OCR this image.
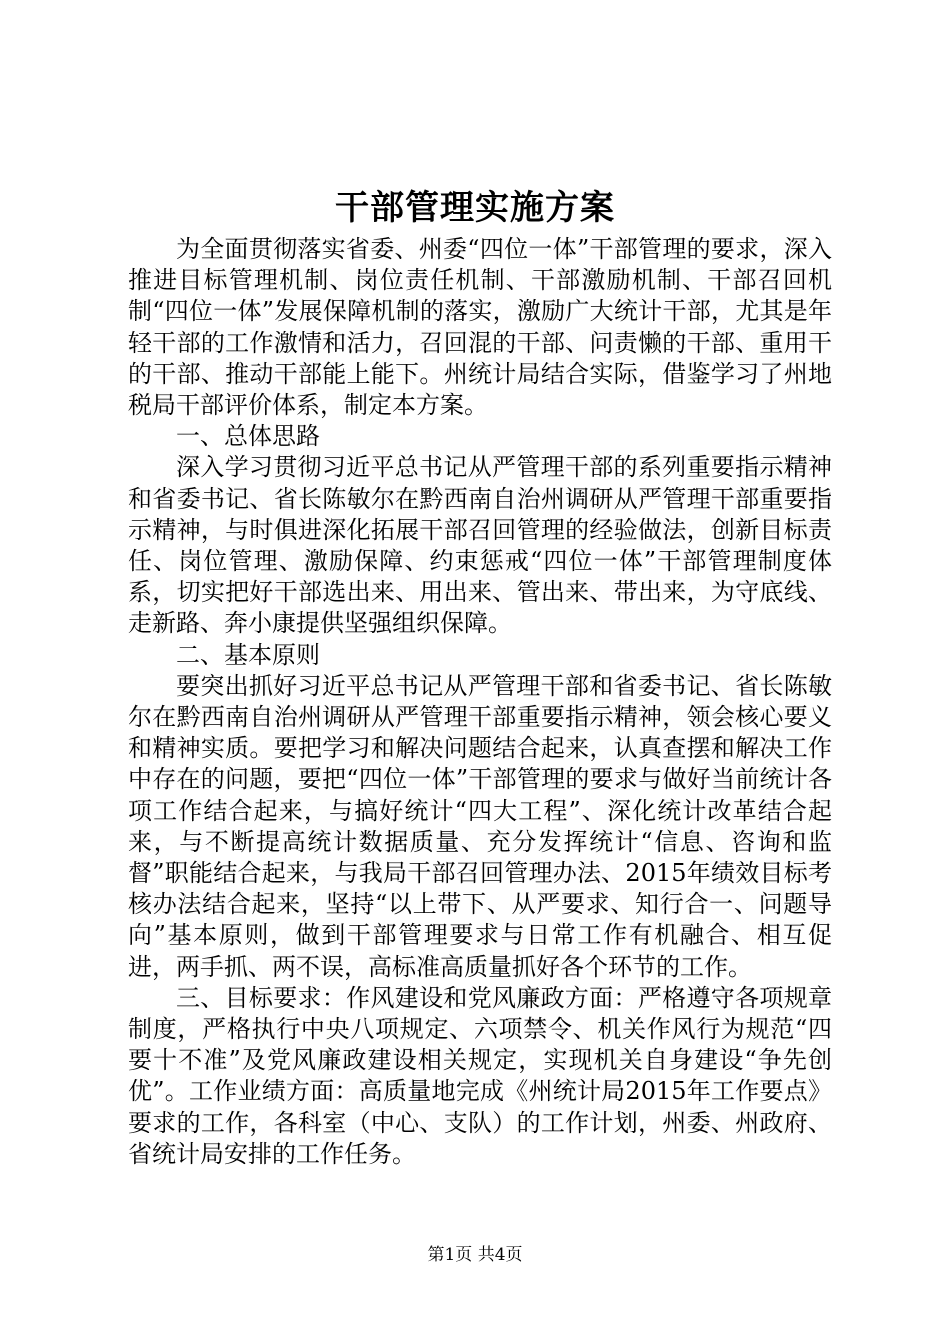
干部管理实施方案

为全面贯彻落实省委、州委“四位一体”干部管理的要求，深入推进目标管理机制、岗位责任机制、干部激励机制、干部召回机制“四位一体”发展保障机制的落实，激励广大统计干部，尤其是年轻干部的工作激情和活力，召回混的干部、问责懒的干部、重用干的干部、推动干部能上能下。州统计局结合实际，借鉴学习了州地税局干部评价体系，制定本方案。

一、总体思路

深入学习贯彻习近平总书记从严管理干部的系列重要指示精神和省委书记、省长陈敏尔在黔西南自治州调研从严管理干部重要指示精神，与时俱进深化拓展干部召回管理的经验做法，创新目标责任、岗位管理、激励保障、约束惩戒“四位一体”干部管理制度体系，切实把好干部选出来、用出来、管出来、带出来，为守底线、走新路、奔小康提供坚强组织保障。

二、基本原则

要突出抓好习近平总书记从严管理干部和省委书记、省长陈敏尔在黔西南自治州调研从严管理干部重要指示精神，领会核心要义和精神实质。要把学习和解决问题结合起来，认真查摆和解决工作中存在的问题，要把“四位一体”干部管理的要求与做好当前统计各项工作结合起来，与搞好统计“四大工程”、深化统计改革结合起来，与不断提高统计数据质量、充分发挥统计“信息、咨询和监督”职能结合起来，与我局干部召回管理办法、2015年绩效目标考核办法结合起来，坚持“以上带下、从严要求、知行合一、问题导向”基本原则，做到干部管理要求与日常工作有机融合、相互促进，两手抓、两不误，高标准高质量抓好各个环节的工作。

三、目标要求：作风建设和党风廉政方面：严格遵守各项规章制度，严格执行中央八项规定、六项禁令、机关作风行为规范“四要十不准”及党风廉政建设相关规定，实现机关自身建设“争先创优”。工作业绩方面：高质量地完成《州统计局2015年工作要点》要求的工作，各科室（中心、支队）的工作计划，州委、州政府、省统计局安排的工作任务。

第1页 共4页
